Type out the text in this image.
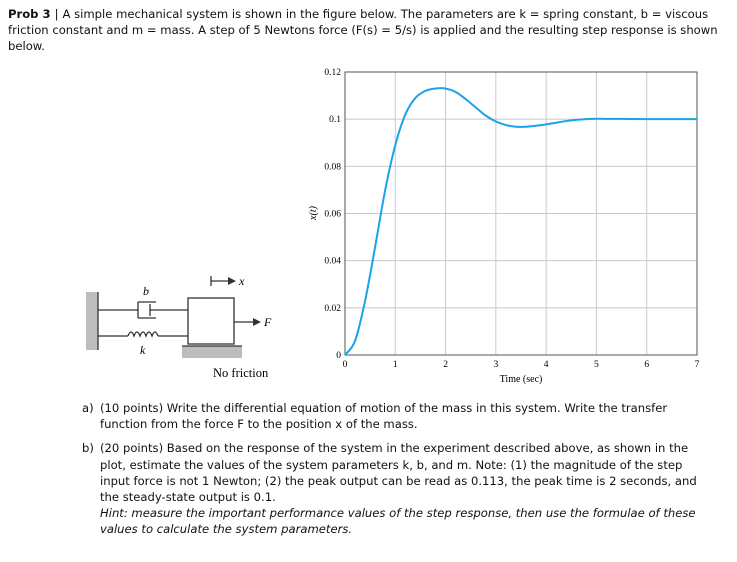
Prob 3 | A simple mechanical system is shown in the figure below. The parameters are k = spring constant, b = viscous friction constant and m = mass. A step of 5 Newtons force (F(s) = 5/s) is applied and the resulting step response is shown below.
b
k
x
F
No friction
0	1	2	3	4	5	6	7
0
0.02
0.04
0.06
0.08
0.1
0.12
Time (sec)
x(t)
a) (10 points) Write the differential equation of motion of the mass in this system. Write the transfer function from the force F to the position x of the mass.
b) (20 points) Based on the response of the system in the experiment described above, as shown in the plot, estimate the values of the system parameters k, b, and m. Note: (1) the magnitude of the step input force is not 1 Newton; (2) the peak output can be read as 0.113, the peak time is 2 seconds, and the steady-state output is 0.1.
Hint: measure the important performance values of the step response, then use the formulae of these values to calculate the system parameters.
